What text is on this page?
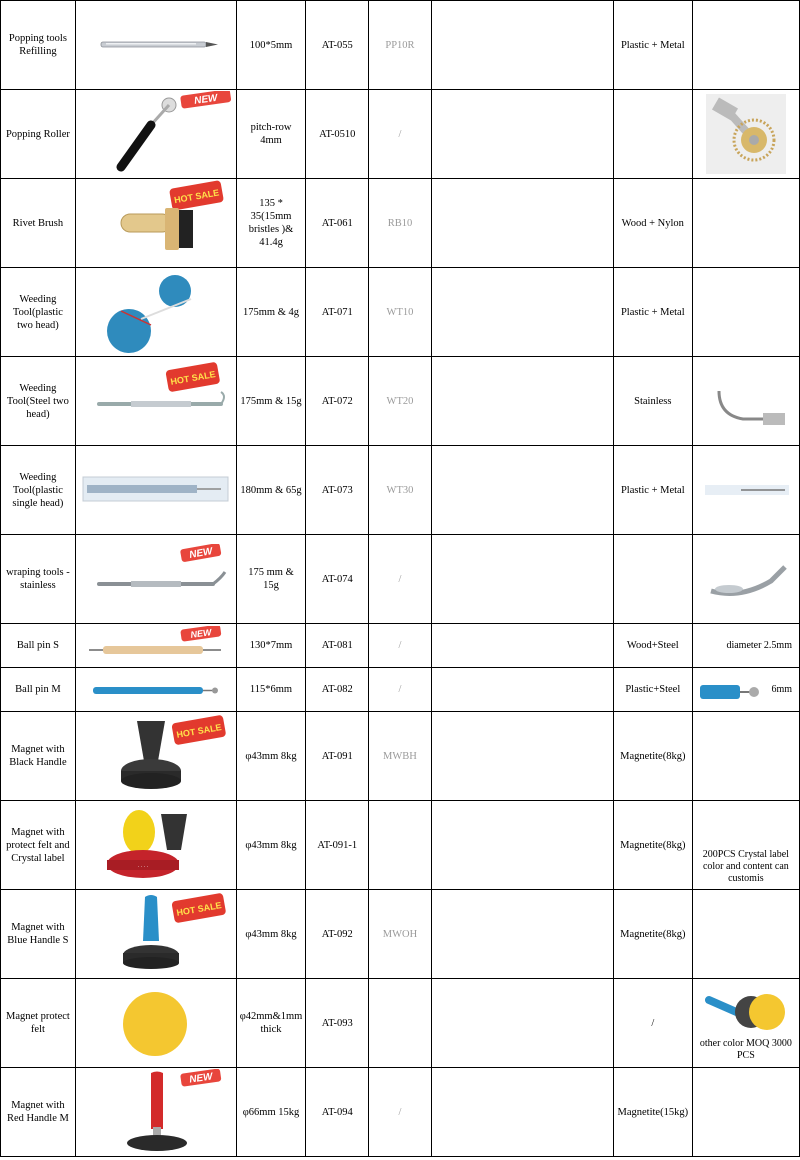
Popping tools Refilling		100*5mm	AT-055	PP10R		Plastic + Metal	
Popping Roller	NEW	pitch-row 4mm	AT-0510	/			

Rivet Brush	HOT SALE	135 * 35(15mm bristles )& 41.4g	AT-061	RB10		Wood + Nylon	
Weeding Tool(plastic two head)		175mm & 4g	AT-071	WT10		Plastic + Metal	
Weeding Tool(Steel two head)	HOT SALE	175mm & 15g	AT-072	WT20		Stainless	

Weeding Tool(plastic single head)		180mm & 65g	AT-073	WT30		Plastic + Metal	

wraping tools - stainless	NEW	175 mm & 15g	AT-074	/			

Ball pin S	NEW	130*7mm	AT-081	/		Wood+Steel	diameter 2.5mm

Ball pin M		115*6mm	AT-082	/		Plastic+Steel	6mm

Magnet with Black Handle	HOT SALE	φ43mm 8kg	AT-091	MWBH		Magnetite(8kg)	
Magnet with protect felt and Crystal label	· · · ·	φ43mm 8kg	AT-091-1			Magnetite(8kg)	200PCS Crystal label color and content can customis

Magnet with Blue Handle S	HOT SALE	φ43mm 8kg	AT-092	MWOH		Magnetite(8kg)	
Magnet protect felt		φ42mm&1mm thick	AT-093			/	other color MOQ 3000 PCS

Magnet with Red Handle M	NEW	φ66mm 15kg	AT-094	/		Magnetite(15kg)	
